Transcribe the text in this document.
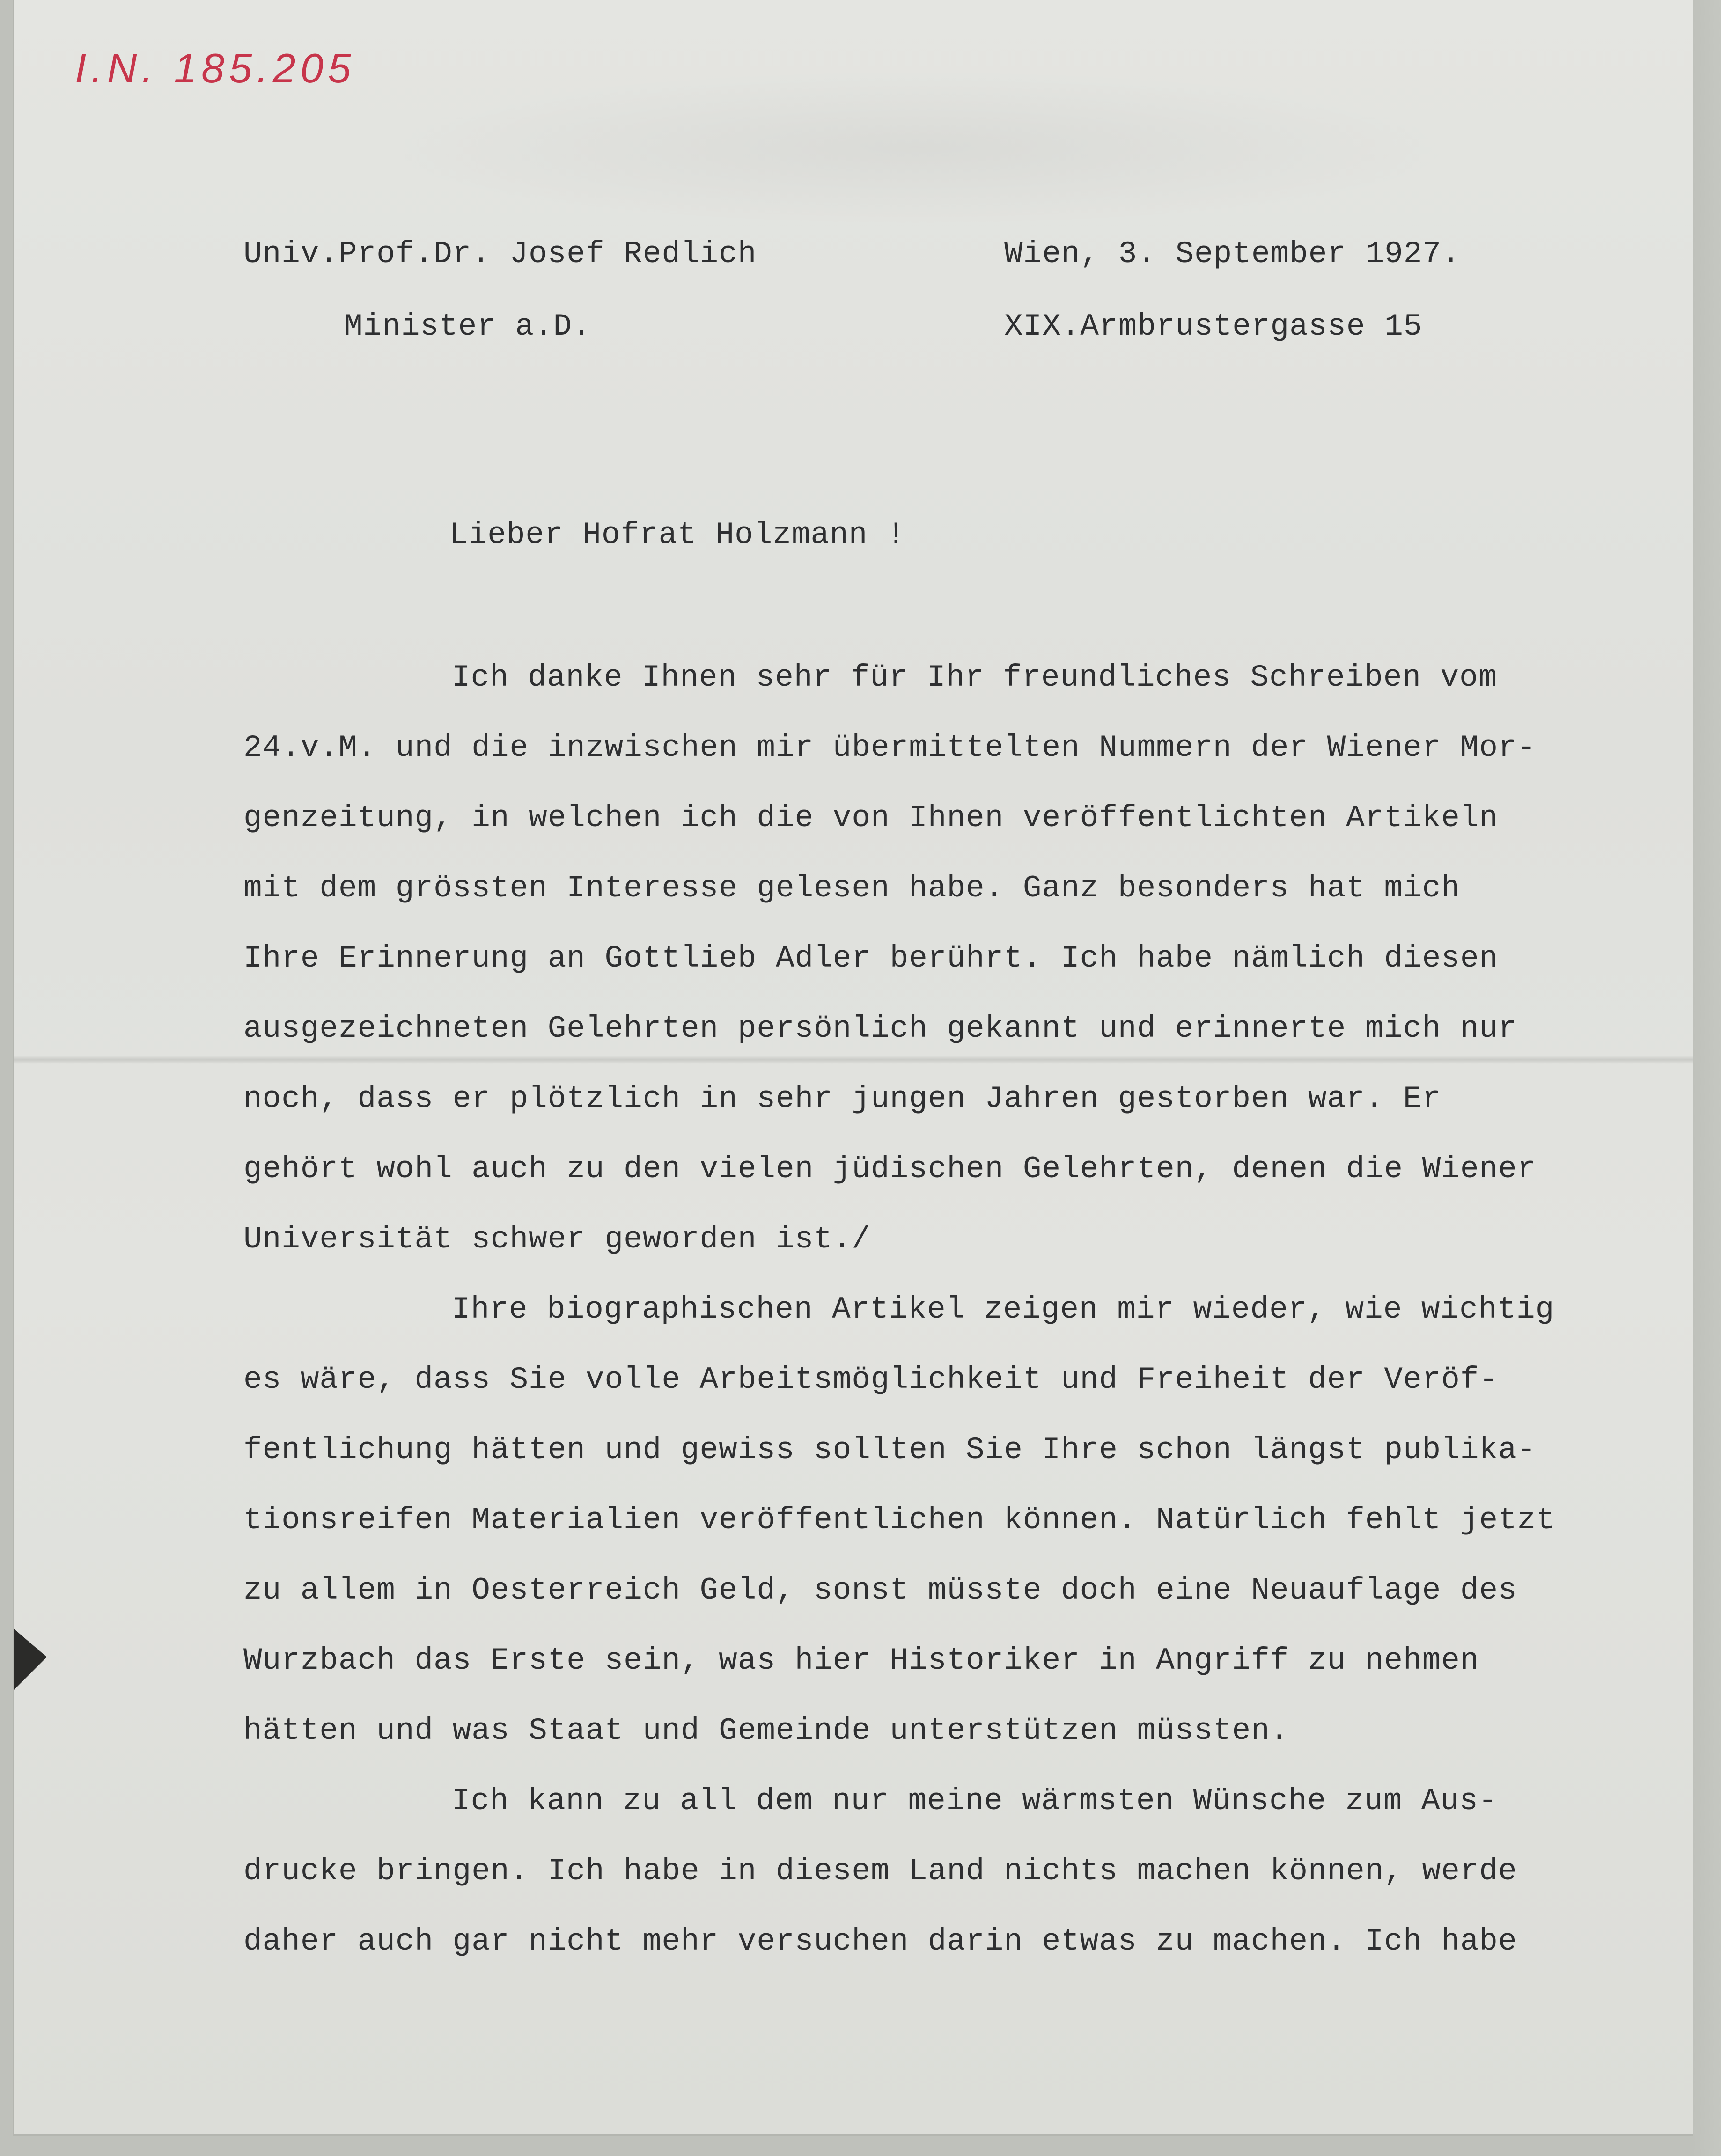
I.N. 185.205
Univ.Prof.Dr. Josef Redlich
Minister a.D.
Wien, 3. September 1927.
XIX.Armbrustergasse 15
Lieber Hofrat Holzmann !
Ich danke Ihnen sehr für Ihr freundliches Schreiben vom
24.v.M. und die inzwischen mir übermittelten Nummern der Wiener Mor-
genzeitung, in welchen ich die von Ihnen veröffentlichten Artikeln
mit dem grössten Interesse gelesen habe. Ganz besonders hat mich
Ihre Erinnerung an Gottlieb Adler berührt. Ich habe nämlich diesen
ausgezeichneten Gelehrten persönlich gekannt und erinnerte mich nur
noch, dass er plötzlich in sehr jungen Jahren gestorben war. Er
gehört wohl auch zu den vielen jüdischen Gelehrten, denen die Wiener
Universität schwer geworden ist./
Ihre biographischen Artikel zeigen mir wieder, wie wichtig
es wäre, dass Sie volle Arbeitsmöglichkeit und Freiheit der Veröf-
fentlichung hätten und gewiss sollten Sie Ihre schon längst publika-
tionsreifen Materialien veröffentlichen können. Natürlich fehlt jetzt
zu allem in Oesterreich Geld, sonst müsste doch eine Neuauflage des
Wurzbach das Erste sein, was hier Historiker in Angriff zu nehmen
hätten und was Staat und Gemeinde unterstützen müssten.
Ich kann zu all dem nur meine wärmsten Wünsche zum Aus-
drucke bringen. Ich habe in diesem Land nichts machen können, werde
daher auch gar nicht mehr versuchen darin etwas zu machen. Ich habe
